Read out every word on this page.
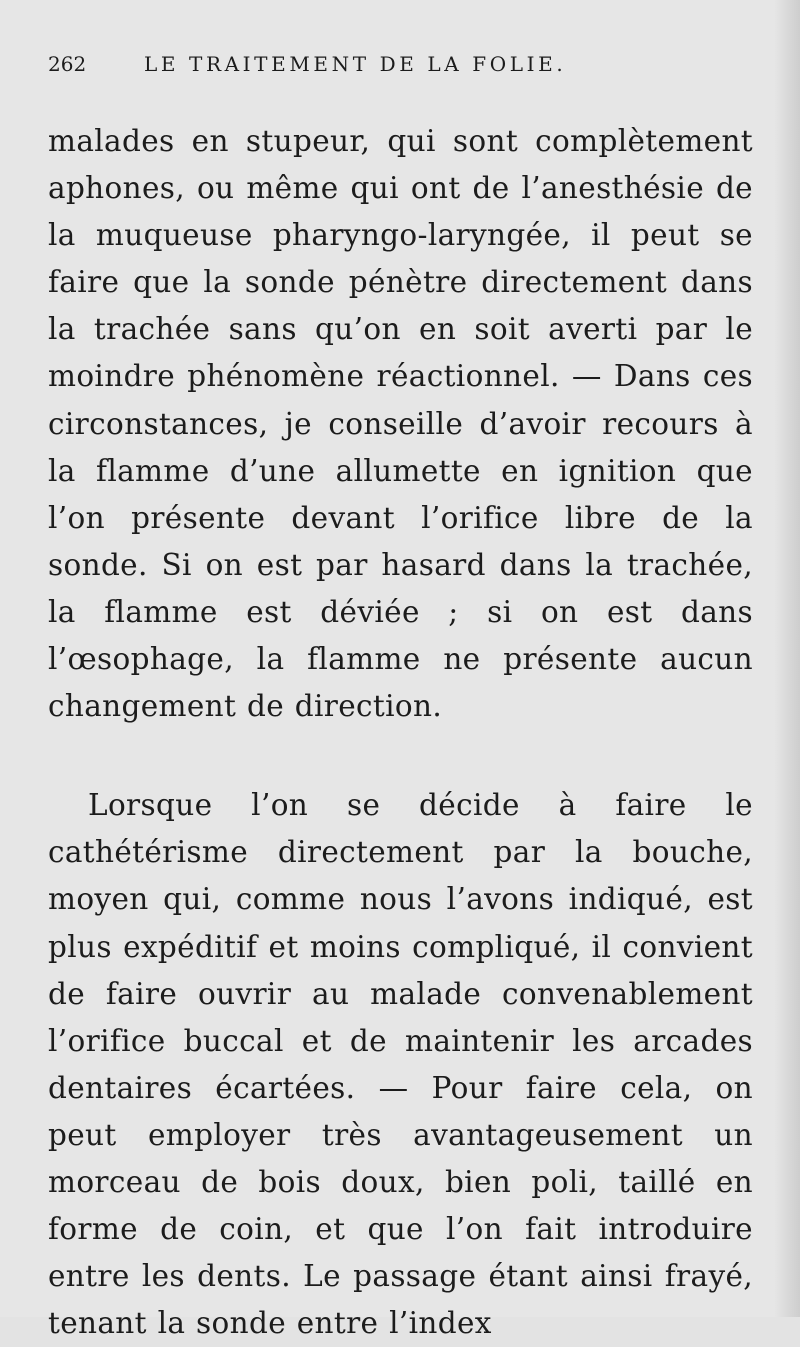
262	LE TRAITEMENT DE LA FOLIE.

malades en stupeur, qui sont complètement aphones, ou même qui ont de l’anesthésie de la muqueuse pharyngo-laryngée, il peut se faire que la sonde pénètre directement dans la trachée sans qu’on en soit averti par le moindre phénomène réactionnel. — Dans ces circonstances, je conseille d’avoir recours à la flamme d’une allumette en ignition que l’on présente devant l’orifice libre de la sonde. Si on est par hasard dans la trachée, la flamme est déviée ; si on est dans l’œsophage, la flamme ne présente aucun changement de direction.

Lorsque l’on se décide à faire le cathétérisme directement par la bouche, moyen qui, comme nous l’avons indiqué, est plus expéditif et moins compliqué, il convient de faire ouvrir au malade convenablement l’orifice buccal et de maintenir les arcades dentaires écartées. — Pour faire cela, on peut employer très avantageusement un morceau de bois doux, bien poli, taillé en forme de coin, et que l’on fait introduire entre les dents. Le passage étant ainsi frayé, tenant la sonde entre l’index
